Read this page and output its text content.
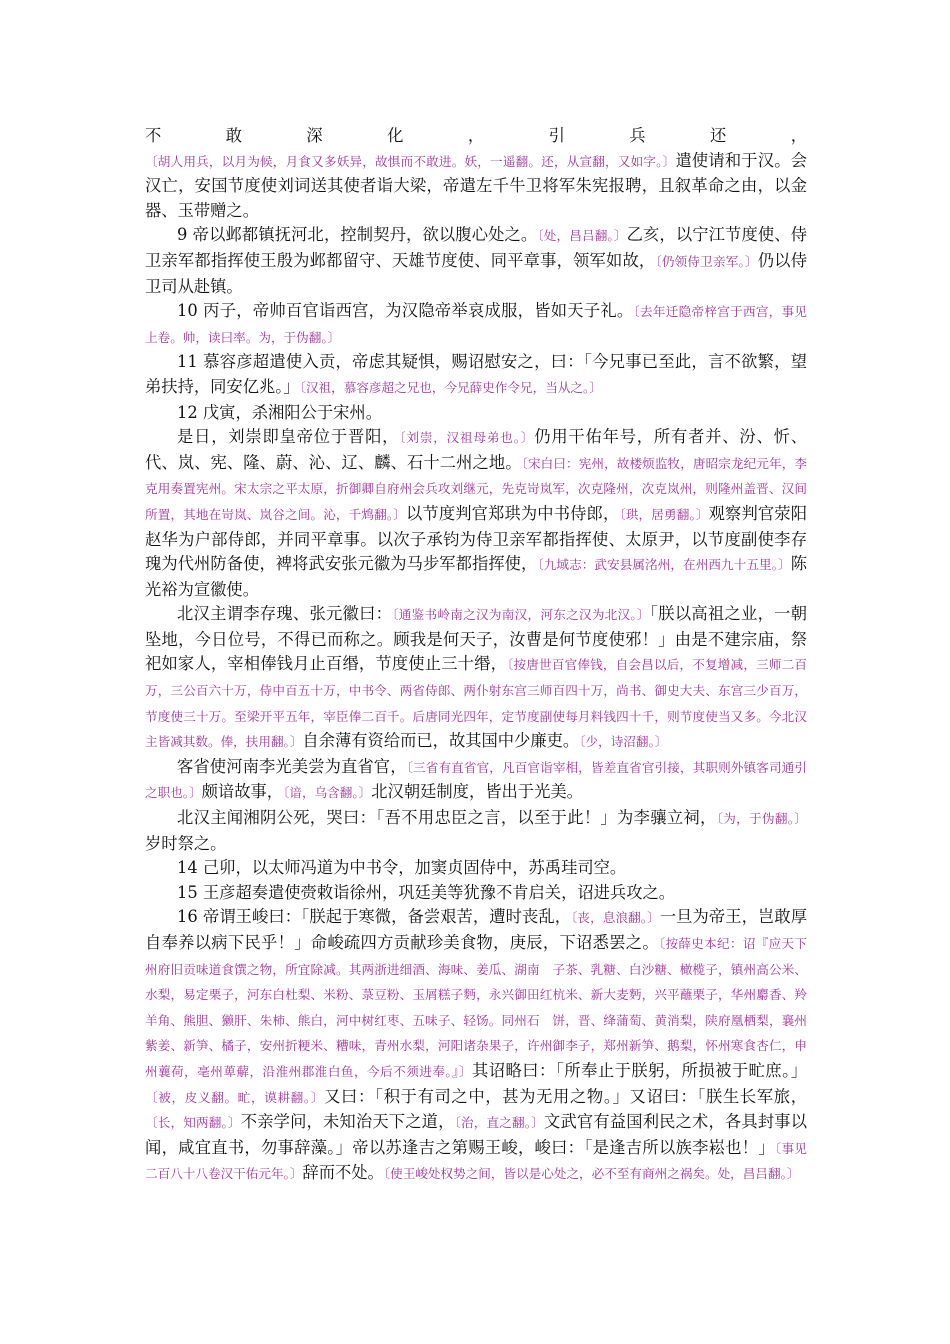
不敢深化，引兵还，〔胡人用兵，以月为候，月食又多妖异，故惧而不敢进。妖，一遥翻。还，从宣翻，又如字。〕遣使请和于汉。会汉亡，安国节度使刘词送其使者诣大梁，帝遣左千牛卫将军朱宪报聘，且叙革命之由，以金器、玉带赠之。

9 帝以邺都镇抚河北，控制契丹，欲以腹心处之。〔处，昌吕翻。〕乙亥，以宁江节度使、侍卫亲军都指挥使王殷为邺都留守、天雄节度使、同平章事，领军如故，〔仍领侍卫亲军。〕仍以侍卫司从赴镇。

10 丙子，帝帅百官诣西宫，为汉隐帝举哀成服，皆如天子礼。〔去年迁隐帝梓宫于西宫，事见上卷。帅，读曰率。为，于伪翻。〕

11 慕容彦超遣使入贡，帝虑其疑惧，赐诏慰安之，曰：「今兄事已至此，言不欲繁，望弟扶持，同安亿兆。」〔汉祖，慕容彦超之兄也，今兄薛史作令兄，当从之。〕

12 戊寅，杀湘阳公于宋州。

是日，刘崇即皇帝位于晋阳，〔刘崇，汉祖母弟也。〕仍用干佑年号，所有者并、汾、忻、代、岚、宪、隆、蔚、沁、辽、麟、石十二州之地。〔宋白曰：宪州，故楼烦监牧，唐昭宗龙纪元年，李克用奏置宪州。宋太宗之平太原，折御卿自府州会兵攻刘继元，先克岢岚军，次克隆州，次克岚州，则隆州盖晋、汉间所置，其地在岢岚、岚谷之间。沁，千鸩翻。〕以节度判官郑珙为中书侍郎，〔珙，居勇翻。〕观察判官荥阳赵华为户部侍郎，并同平章事。以次子承钧为侍卫亲军都指挥使、太原尹，以节度副使李存瑰为代州防备使，裨将武安张元徽为马步军都指挥使，〔九域志：武安县属洺州，在州西九十五里。〕陈光裕为宣徽使。

北汉主谓李存瑰、张元徽曰：〔通鉴书岭南之汉为南汉，河东之汉为北汉。〕「朕以高祖之业，一朝坠地，今日位号，不得已而称之。顾我是何天子，汝曹是何节度使邪！」由是不建宗庙，祭祀如家人，宰相俸钱月止百缗，节度使止三十缗，〔按唐世百官俸钱，自会昌以后，不复增减，三师二百万，三公百六十万，侍中百五十万，中书令、两省侍郎、两仆射东宫三师百四十万，尚书、御史大夫、东宫三少百万，节度使三十万。至梁开平五年，宰臣俸二百千。后唐同光四年，定节度副使每月料钱四十千，则节度使当又多。今北汉主皆减其数。俸，扶用翻。〕自余薄有资给而已，故其国中少廉吏。〔少，诗沼翻。〕

客省使河南李光美尝为直省官，〔三省有直省官，凡百官诣宰相，皆差直省官引接，其职则外镇客司通引之职也。〕颇谙故事，〔谙，乌含翻。〕北汉朝廷制度，皆出于光美。

北汉主闻湘阴公死，哭曰：「吾不用忠臣之言，以至于此！」为李骧立祠，〔为，于伪翻。〕岁时祭之。

14 己卯，以太师冯道为中书令，加窦贞固侍中，苏禹珪司空。

15 王彦超奏遣使赍敕诣徐州，巩廷美等犹豫不肯启关，诏进兵攻之。

16 帝谓王峻曰：「朕起于寒微，备尝艰苦，遭时丧乱，〔丧，息浪翻。〕一旦为帝王，岂敢厚自奉养以病下民乎！」命峻疏四方贡献珍美食物，庚辰，下诏悉罢之。〔按薛史本纪：诏『应天下州府旧贡味道食馔之物，所宜除减。其两浙进细酒、海味、姜瓜、湖南　子茶、乳糖、白沙糖、橄榄子，镇州高公米、水梨，易定栗子，河东白杜梨、米粉、菉豆粉、玉屑糕子麪，永兴御田红杭米、新大麦麪，兴平蘸栗子，华州麝香、羚羊角、熊胆、獭肝、朱柿、熊白，河中树红枣、五味子、轻饧。同州石　饼，晋、绛蒲萄、黄消梨，陕府凰栖梨，襄州紫姜、新笋、橘子，安州折粳米、糟味，青州水梨，河阳诸杂果子，许州御李子，郑州新笋、鹅梨，怀州寒食杏仁，申州蘘荷，亳州萆薢，沿淮州郡淮白鱼，今后不须进奉。』〕其诏略曰：「所奉止于朕躬，所损被于甿庶。」〔被，皮义翻。甿，谟耕翻。〕又曰：「积于有司之中，甚为无用之物。」又诏曰：「朕生长军旅，〔长，知两翻。〕不亲学问，未知治天下之道，〔治，直之翻。〕文武官有益国利民之术，各具封事以闻，咸宜直书，勿事辞藻。」帝以苏逢吉之第赐王峻，峻曰：「是逢吉所以族李崧也！」〔事见二百八十八卷汉干佑元年。〕辞而不处。〔使王峻处权势之间，皆以是心处之，必不至有商州之祸矣。处，昌吕翻。〕
